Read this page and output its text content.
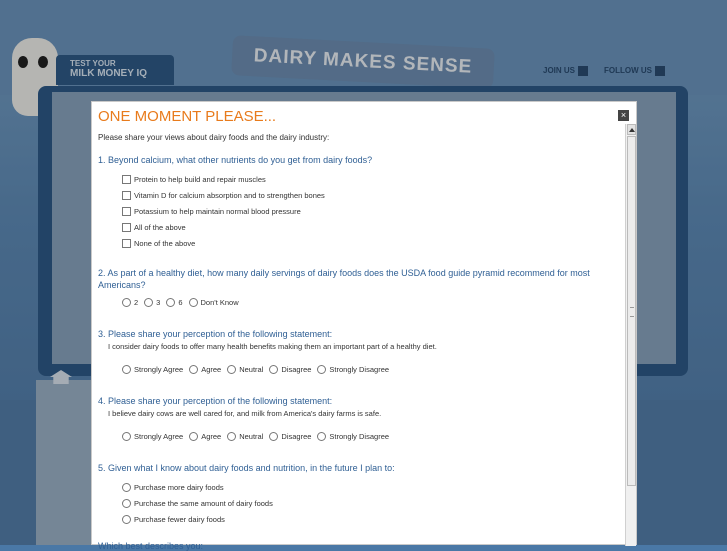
TEST YOUR
MILK MONEY IQ	DAIRY MAKES SENSE	JOIN US	FOLLOW US
ONE MOMENT PLEASE...	×
Please share your views about dairy foods and the dairy industry:
1. Beyond calcium, what other nutrients do you get from dairy foods?
Protein to help build and repair muscles
Vitamin D for calcium absorption and to strengthen bones
Potassium to help maintain normal blood pressure
All of the above
None of the above
2. As part of a healthy diet, how many daily servings of dairy foods does the USDA food guide pyramid recommend for most Americans?
2 3 6 Don't Know
3. Please share your perception of the following statement:
I consider dairy foods to offer many health benefits making them an important part of a healthy diet.
Strongly Agree Agree Neutral Disagree Strongly Disagree
4. Please share your perception of the following statement:
I believe dairy cows are well cared for, and milk from America's dairy farms is safe.
Strongly Agree Agree Neutral Disagree Strongly Disagree
5. Given what I know about dairy foods and nutrition, in the future I plan to:
Purchase more dairy foods
Purchase the same amount of dairy foods
Purchase fewer dairy foods
Which best describes you:
